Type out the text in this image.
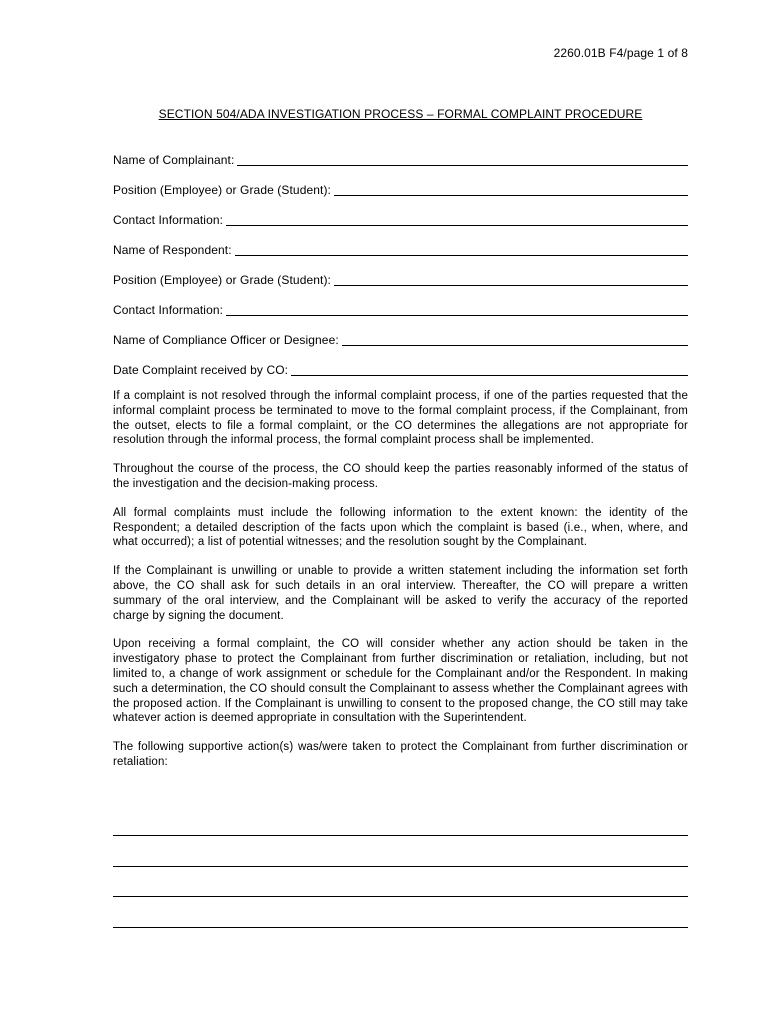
2260.01B F4/page 1 of 8
SECTION 504/ADA INVESTIGATION PROCESS – FORMAL COMPLAINT PROCEDURE
Name of Complainant:
Position (Employee) or Grade (Student):
Contact Information:
Name of Respondent:
Position (Employee) or Grade (Student):
Contact Information:
Name of Compliance Officer or Designee:
Date Complaint received by CO:

If a complaint is not resolved through the informal complaint process, if one of the parties requested that the informal complaint process be terminated to move to the formal complaint process, if the Complainant, from the outset, elects to file a formal complaint, or the CO determines the allegations are not appropriate for resolution through the informal process, the formal complaint process shall be implemented.

Throughout the course of the process, the CO should keep the parties reasonably informed of the status of the investigation and the decision-making process.

All formal complaints must include the following information to the extent known: the identity of the Respondent; a detailed description of the facts upon which the complaint is based (i.e., when, where, and what occurred); a list of potential witnesses; and the resolution sought by the Complainant.

If the Complainant is unwilling or unable to provide a written statement including the information set forth above, the CO shall ask for such details in an oral interview. Thereafter, the CO will prepare a written summary of the oral interview, and the Complainant will be asked to verify the accuracy of the reported charge by signing the document.

Upon receiving a formal complaint, the CO will consider whether any action should be taken in the investigatory phase to protect the Complainant from further discrimination or retaliation, including, but not limited to, a change of work assignment or schedule for the Complainant and/or the Respondent. In making such a determination, the CO should consult the Complainant to assess whether the Complainant agrees with the proposed action. If the Complainant is unwilling to consent to the proposed change, the CO still may take whatever action is deemed appropriate in consultation with the Superintendent.

The following supportive action(s) was/were taken to protect the Complainant from further discrimination or retaliation:
